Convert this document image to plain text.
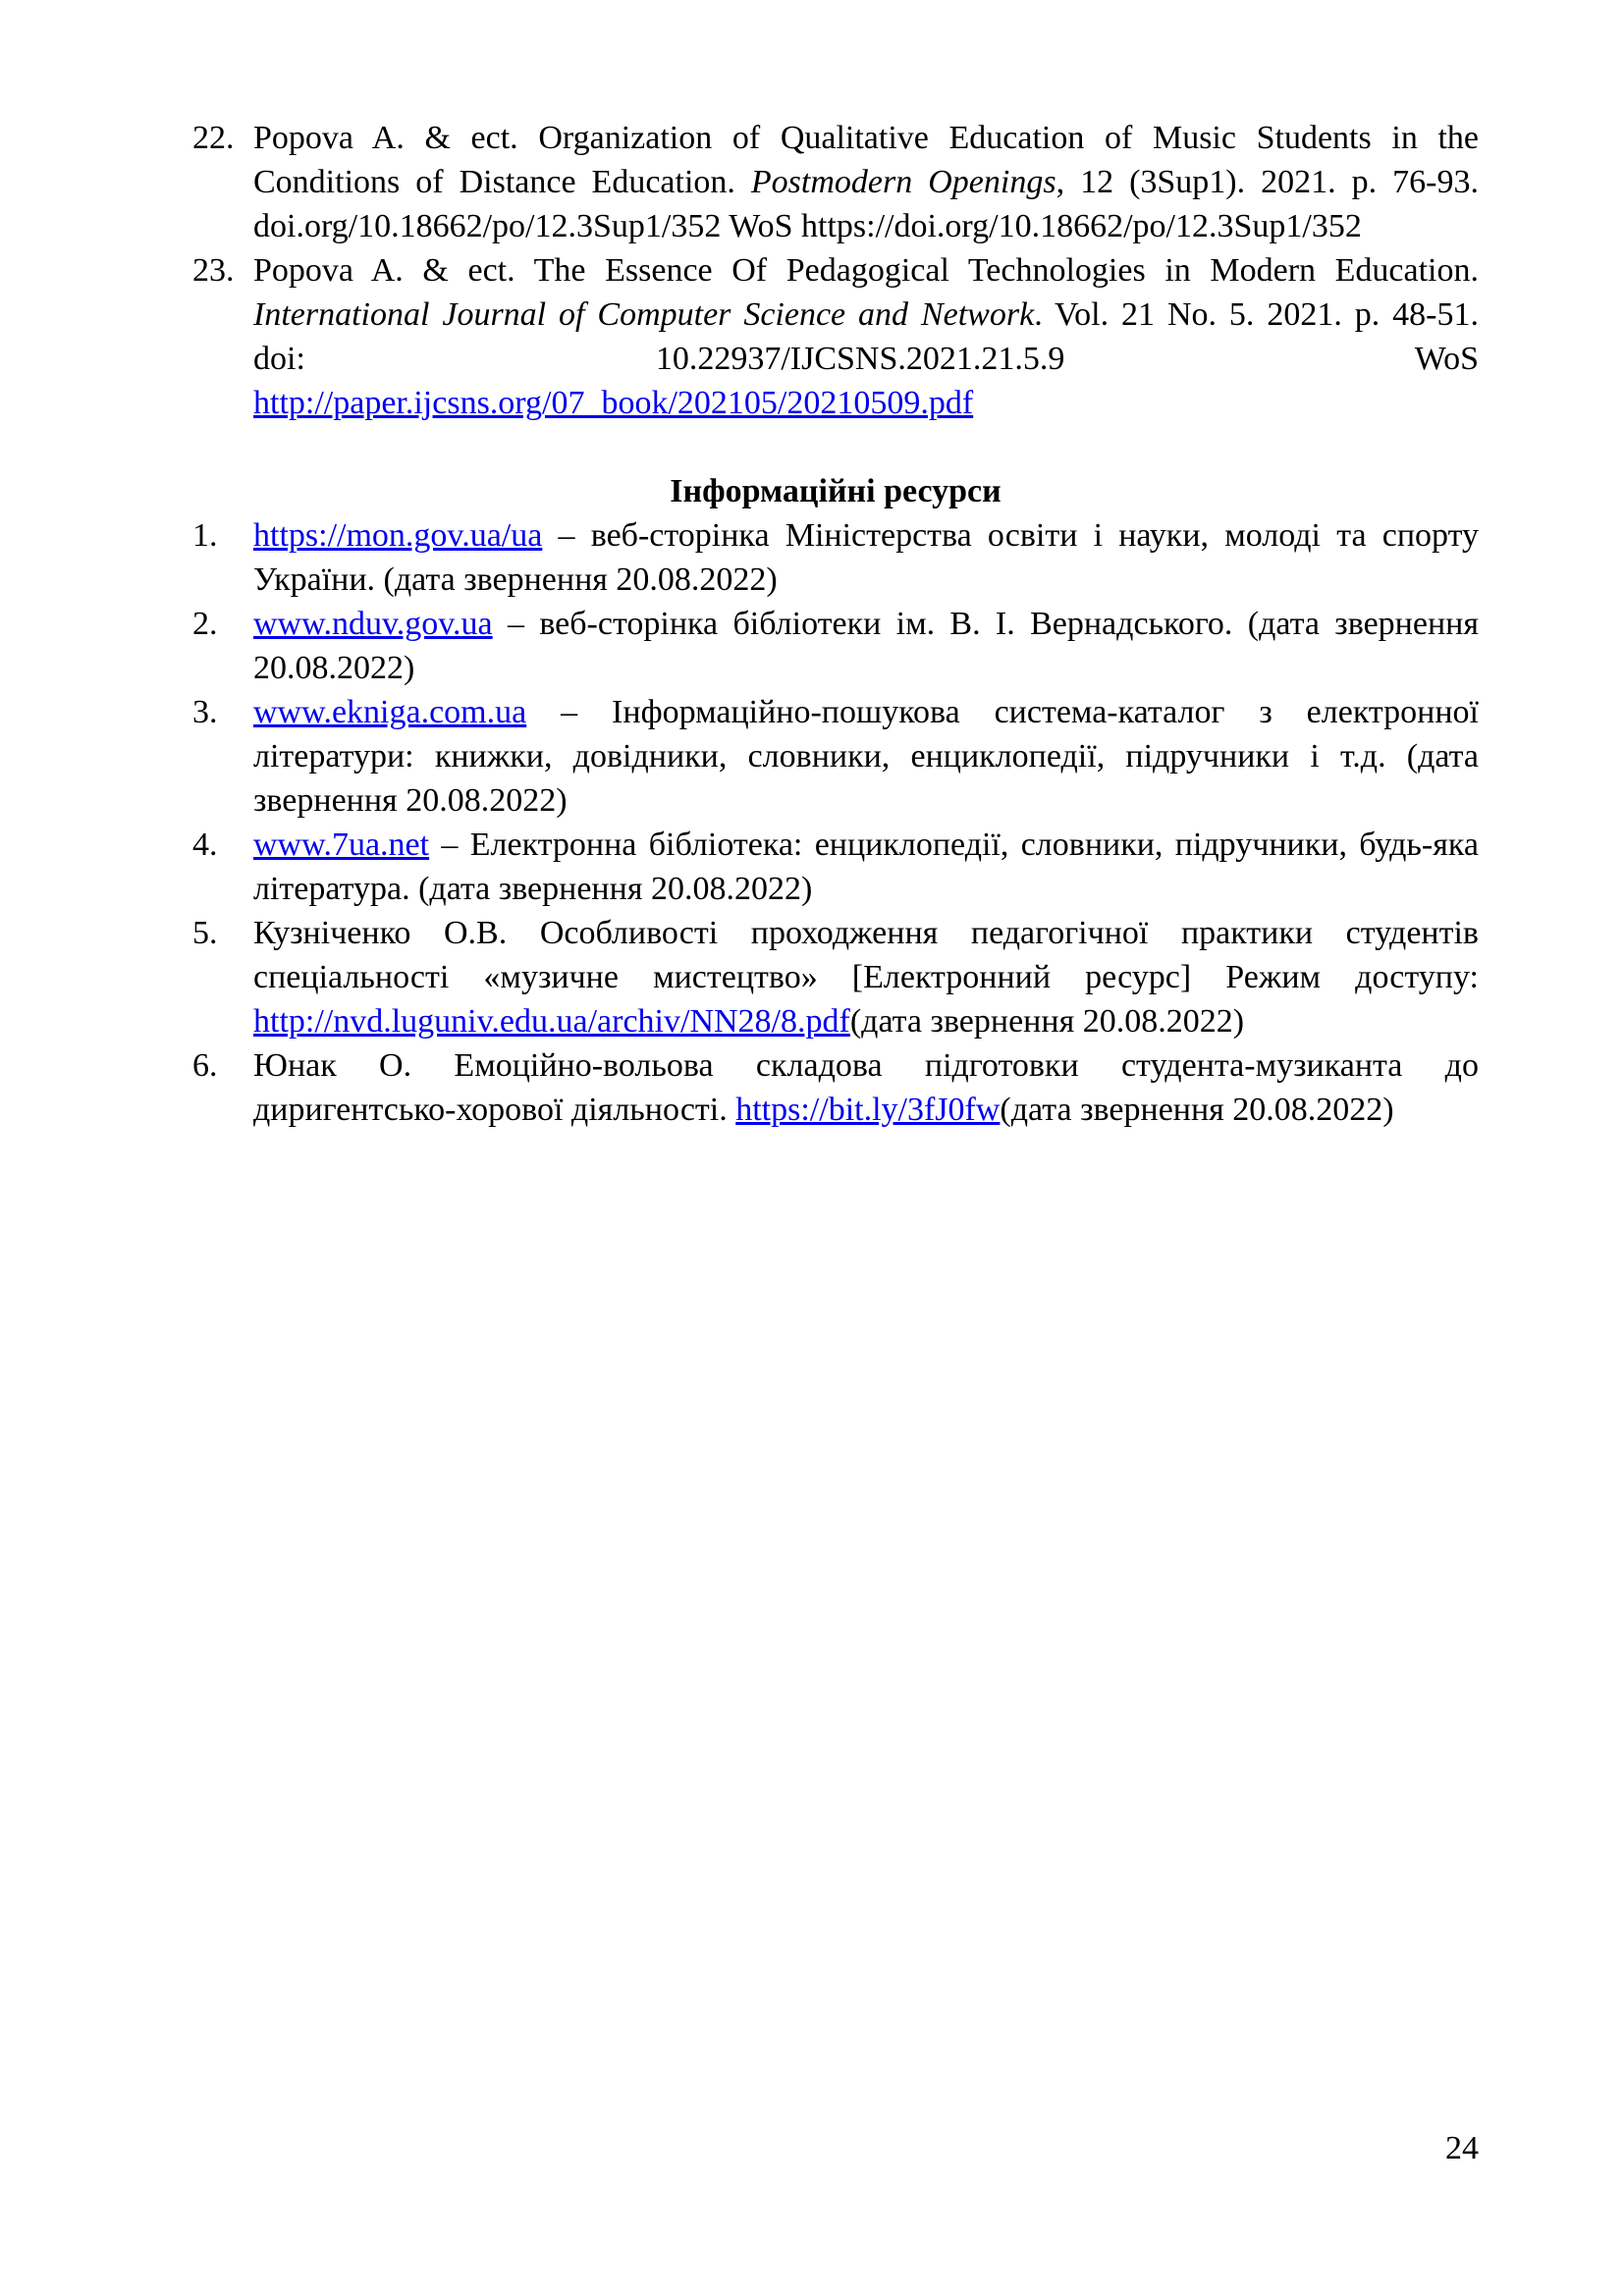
22. Popova A. & ect. Organization of Qualitative Education of Music Students in the Conditions of Distance Education. Postmodern Openings, 12 (3Sup1). 2021. p. 76-93. doi.org/10.18662/po/12.3Sup1/352 WoS https://doi.org/10.18662/po/12.3Sup1/352

23. Popova A. & ect. The Essence Of Pedagogical Technologies in Modern Education. International Journal of Computer Science and Network. Vol. 21 No. 5. 2021. p. 48-51. doi: 10.22937/IJCSNS.2021.21.5.9 WoS http://paper.ijcsns.org/07_book/202105/20210509.pdf

Інформаційні ресурси

1. https://mon.gov.ua/ua – веб-сторінка Міністерства освіти і науки, молоді та спорту України. (дата звернення 20.08.2022)

2. www.nduv.gov.ua – веб-сторінка бібліотеки ім. В. І. Вернадського. (дата звернення 20.08.2022)

3. www.ekniga.com.ua – Інформаційно-пошукова система-каталог з електронної літератури: книжки, довідники, словники, енциклопедії, підручники і т.д. (дата звернення 20.08.2022)

4. www.7ua.net – Електронна бібліотека: енциклопедії, словники, підручники, будь-яка література. (дата звернення 20.08.2022)

5. Кузніченко О.В. Особливості проходження педагогічної практики студентів спеціальності «музичне мистецтво» [Електронний ресурс] Режим доступу: http://nvd.luguniv.edu.ua/archiv/NN28/8.pdf(дата звернення 20.08.2022)

6. Юнак О. Емоційно-вольова складова підготовки студента-музиканта до диригентсько-хорової діяльності. https://bit.ly/3fJ0fw(дата звернення 20.08.2022)

24
